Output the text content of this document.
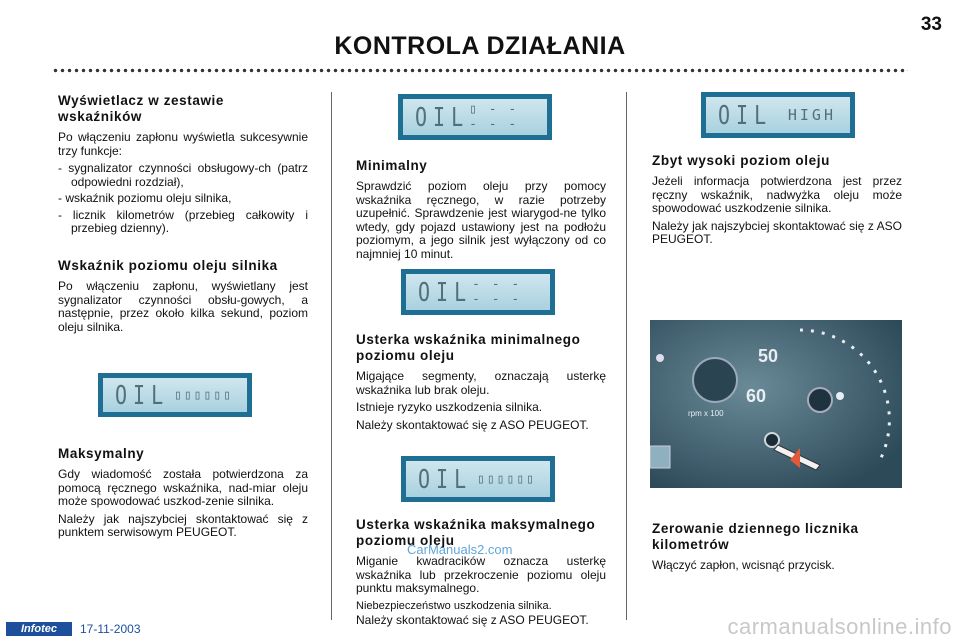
33
KONTROLA DZIAŁANIA
Wyświetlacz w zestawie wskaźników

Po włączeniu zapłonu wyświetla sukcesywnie trzy funkcje:

- sygnalizator czynności obsługowy-ch (patrz odpowiedni rozdział),
- wskaźnik poziomu oleju silnika,
- licznik kilometrów (przebieg całkowity i przebieg dzienny).
Wskaźnik poziomu oleju silnika

Po włączeniu zapłonu, wyświetlany jest sygnalizator czynności obsłu-gowych, a następnie, przez około kilka sekund, poziom oleju silnika.

OIL ▯▯▯▯▯▯
Maksymalny

Gdy wiadomość została potwierdzona za pomocą ręcznego wskaźnika, nad-miar oleju może spowodować uszkod-zenie silnika.

Należy jak najszybciej skontaktować się z punktem serwisowym PEUGEOT.

OIL ▯ - - - - -
Minimalny

Sprawdzić poziom oleju przy pomocy wskaźnika ręcznego, w razie potrzeby uzupełnić. Sprawdzenie jest wiarygod-ne tylko wtedy, gdy pojazd ustawiony jest na podłożu poziomym, a jego silnik jest wyłączony od co najmniej 10 minut.

OIL - - - - - -
Usterka wskaźnika minimalnego poziomu oleju

Migające segmenty, oznaczają usterkę wskaźnika lub brak oleju.

Istnieje ryzyko uszkodzenia silnika.

Należy skontaktować się z ASO PEUGEOT.

OIL ▯▯▯▯▯▯
Usterka wskaźnika maksymalnego poziomu oleju

Miganie kwadracików oznacza usterkę wskaźnika lub przekroczenie poziomu oleju punktu maksymalnego.

Niebezpieczeństwo uszkodzenia silnika.

Należy skontaktować się z ASO PEUGEOT.

CarManuals2.com
OIL HIGH
Zbyt wysoki poziom oleju

Jeżeli informacja potwierdzona jest przez ręczny wskaźnik, nadwyżka oleju może spowodować uszkodzenie silnika.

Należy jak najszybciej skontaktować się z ASO PEUGEOT.

50
60
rpm x 100
Zerowanie dziennego licznika kilometrów

Włączyć zapłon, wcisnąć przycisk.

Infotec	17-11-2003	carmanualsonline.info
